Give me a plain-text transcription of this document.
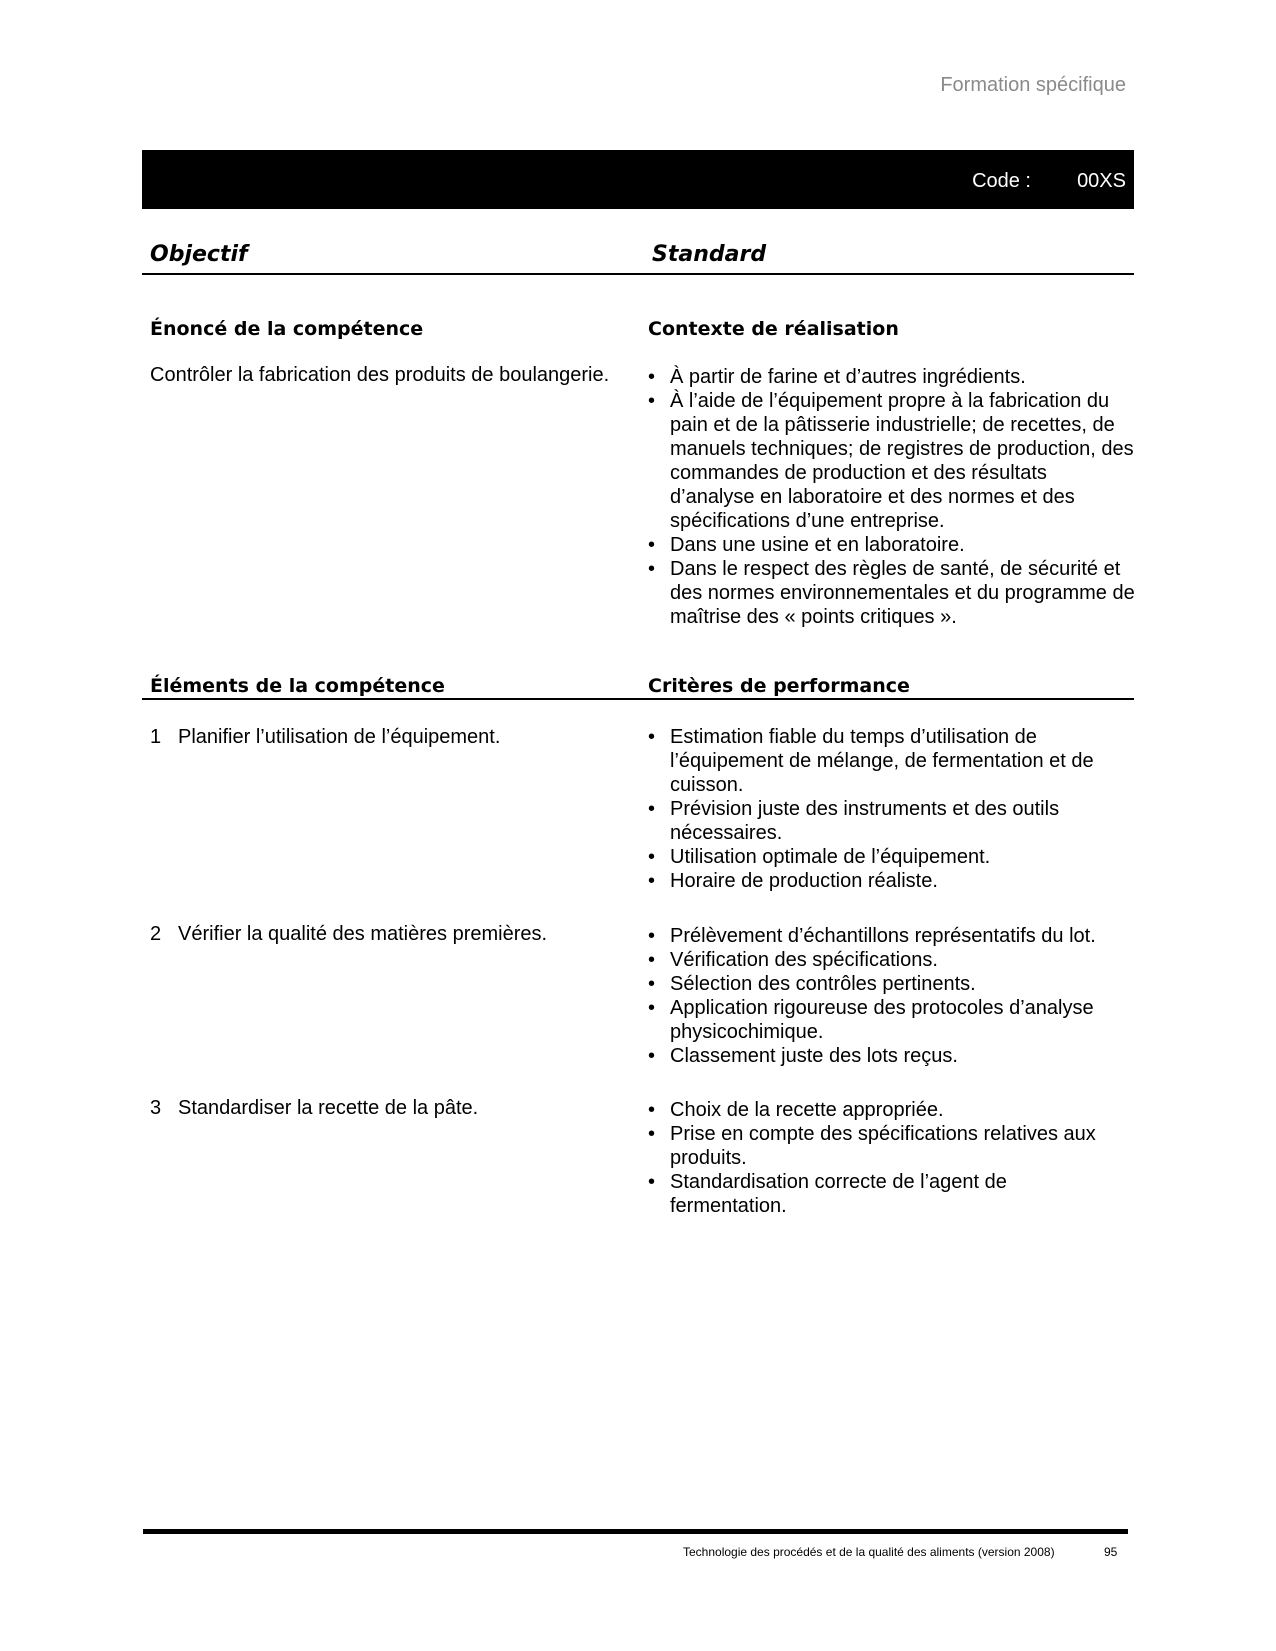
Formation spécifique
Code : 00XS
Objectif	Standard
Énoncé de la compétence	Contexte de réalisation
Contrôler la fabrication des produits de boulangerie. • À partir de farine et d’autres ingrédients.
• À l’aide de l’équipement propre à la fabrication du pain et de la pâtisserie industrielle; de recettes, de manuels techniques; de registres de production, des commandes de production et des résultats d’analyse en laboratoire et des normes et des spécifications d’une entreprise.
• Dans une usine et en laboratoire.
• Dans le respect des règles de santé, de sécurité et des normes environnementales et du programme de maîtrise des « points critiques ».
Éléments de la compétence	Critères de performance
1 Planifier l’utilisation de l’équipement.	• Estimation fiable du temps d’utilisation de l’équipement de mélange, de fermentation et de cuisson.
• Prévision juste des instruments et des outils nécessaires.
• Utilisation optimale de l’équipement.
• Horaire de production réaliste.
2 Vérifier la qualité des matières premières.	• Prélèvement d’échantillons représentatifs du lot.
• Vérification des spécifications.
• Sélection des contrôles pertinents.
• Application rigoureuse des protocoles d’analyse physicochimique.
• Classement juste des lots reçus.
3 Standardiser la recette de la pâte.	• Choix de la recette appropriée.
• Prise en compte des spécifications relatives aux produits.
• Standardisation correcte de l’agent de fermentation.
Technologie des procédés et de la qualité des aliments (version 2008)	95
